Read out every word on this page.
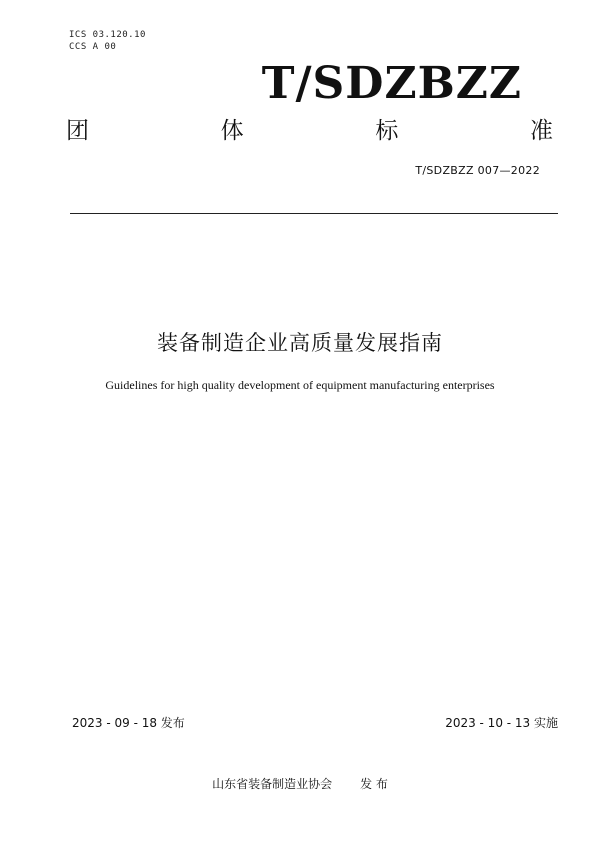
ICS 03.120.10
CCS A 00
T/SDZBZZ
团	体	标	准
T/SDZBZZ 007—2022
装备制造企业高质量发展指南
Guidelines for high quality development of equipment manufacturing enterprises
2023 - 09 - 18 发布	2023 - 10 - 13 实施
山东省装备制造业协会 发 布
